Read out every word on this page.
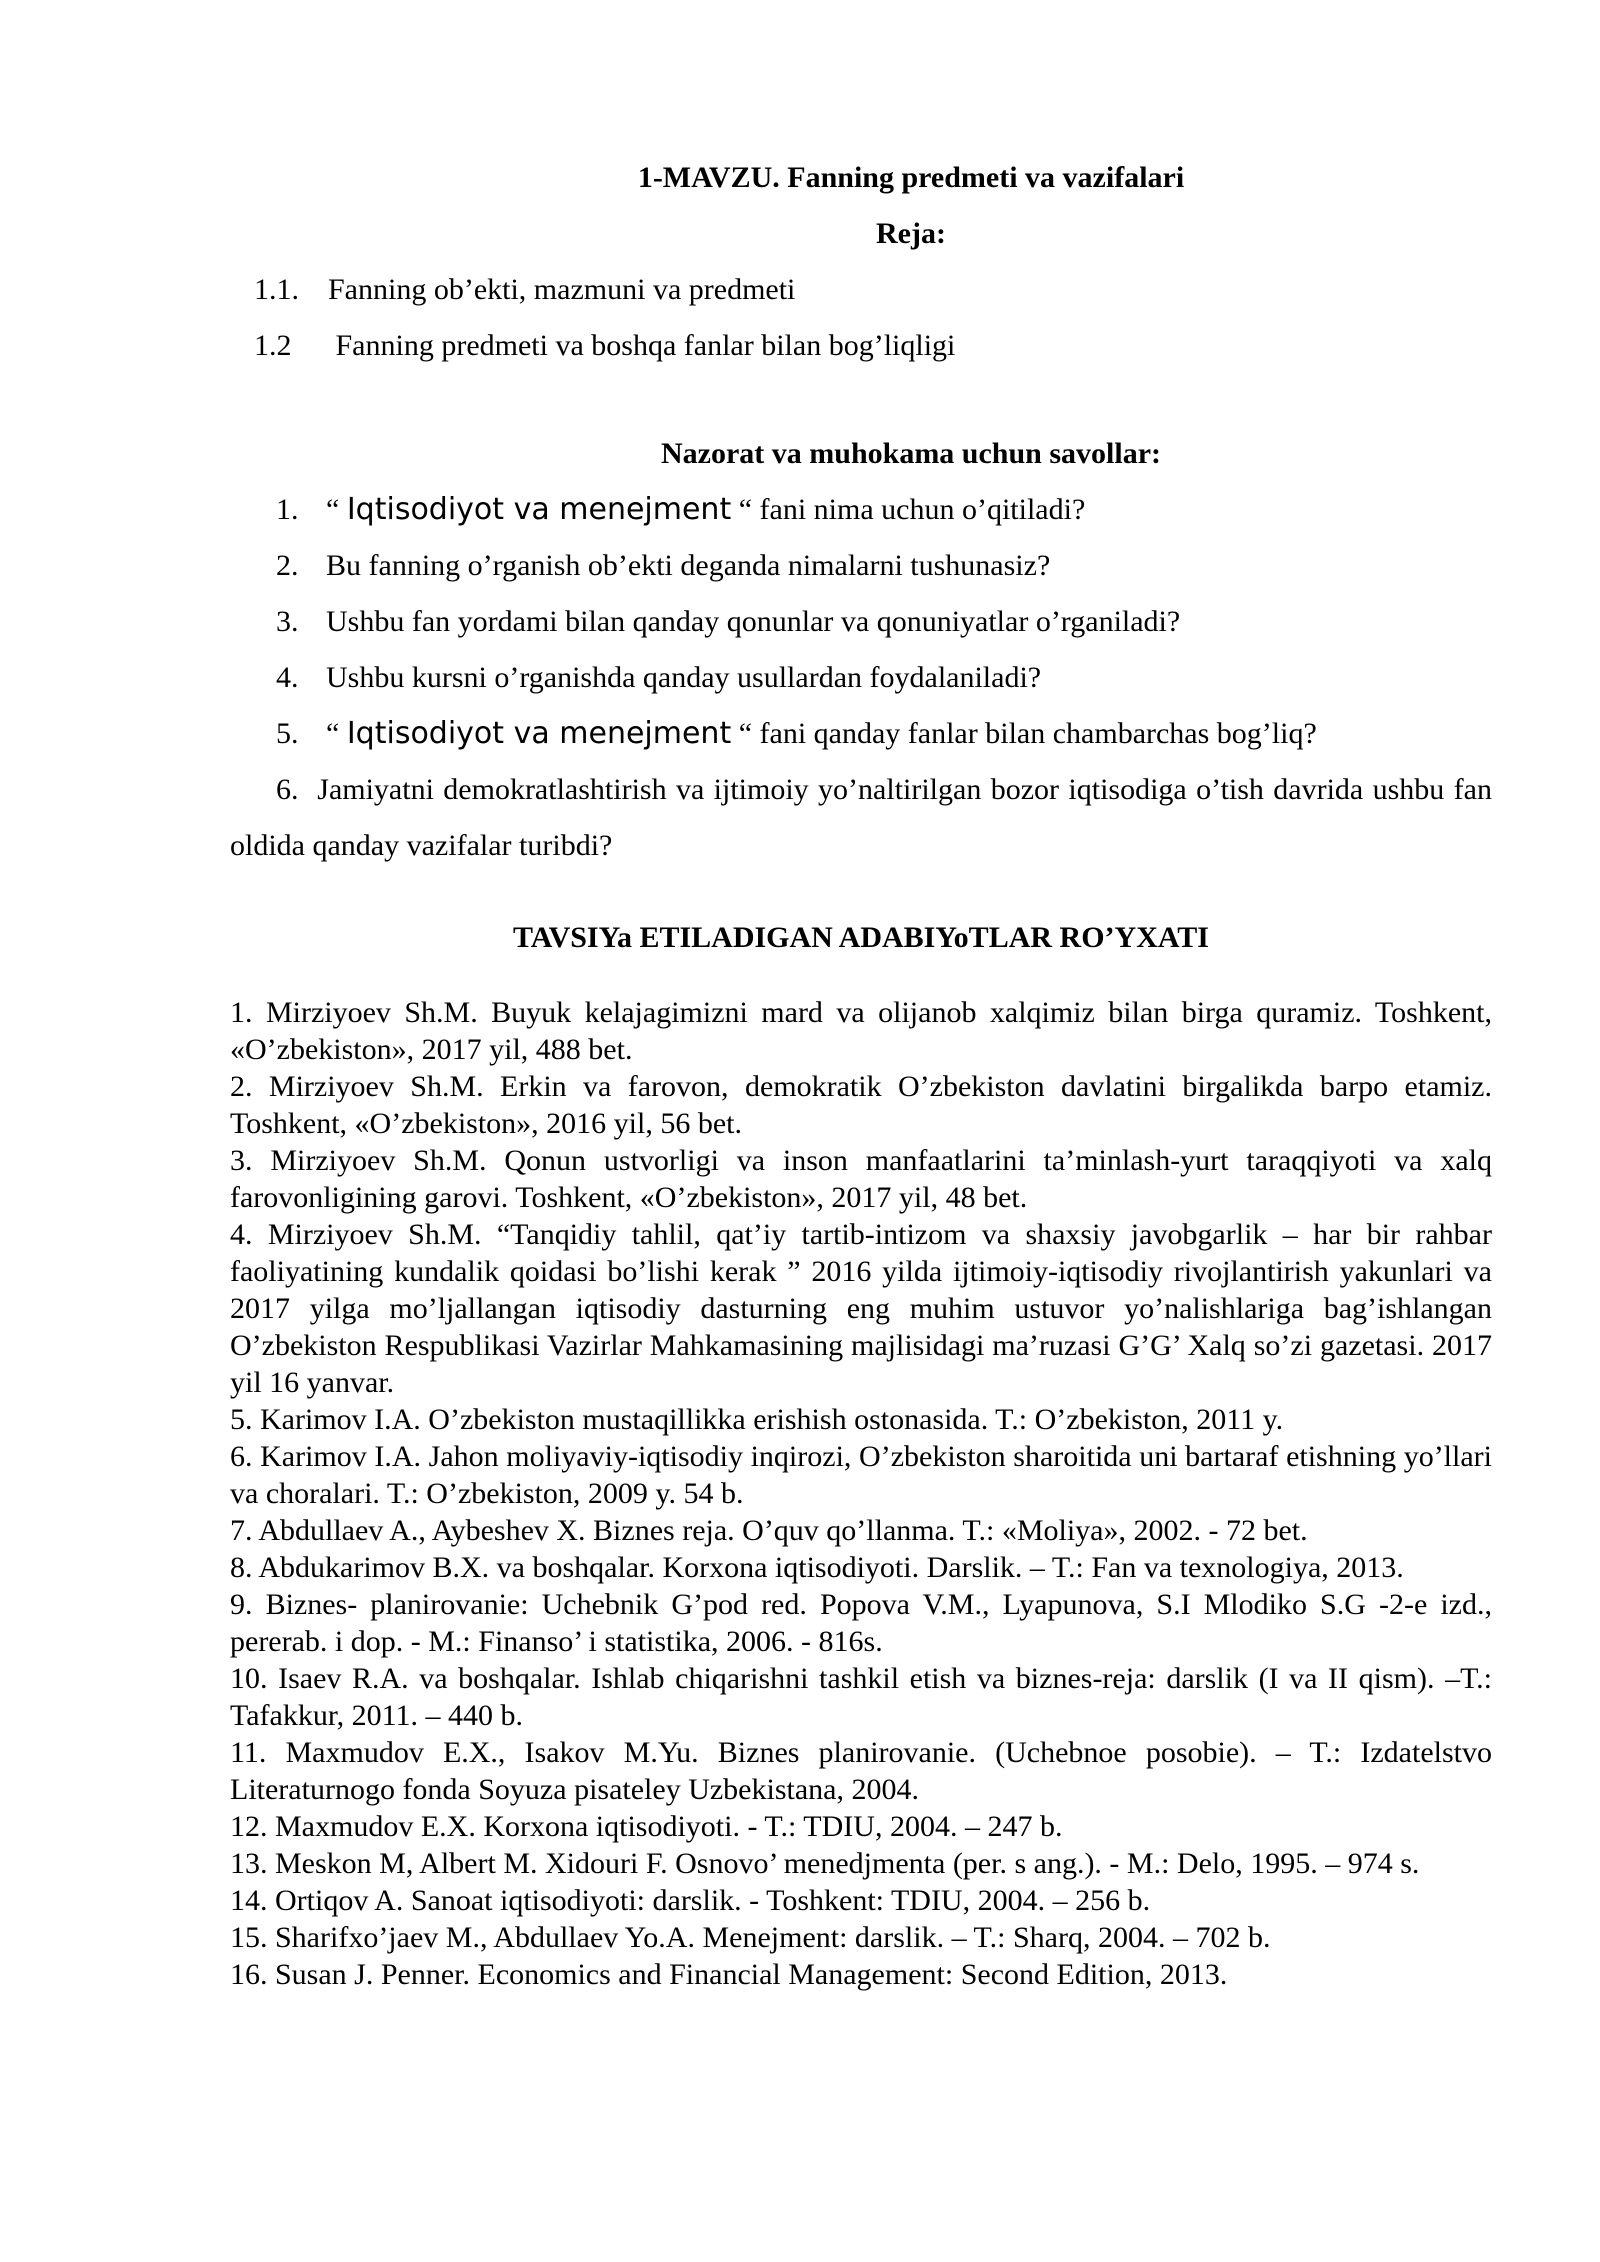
1-MAVZU. Fanning predmeti va vazifalari
Reja:
1.1. Fanning ob’ekti, mazmuni va predmeti
1.2	Fanning predmeti va boshqa fanlar bilan bog’liqligi
Nazorat va muhokama uchun savollar:
1. “ Iqtisodiyot va menejment “ fani nima uchun o’qitiladi?
2. Bu fanning o’rganish ob’ekti deganda nimalarni tushunasiz?
3. Ushbu fan yordami bilan qanday qonunlar va qonuniyatlar o’rganiladi?
4. Ushbu kursni o’rganishda qanday usullardan foydalaniladi?
5. “ Iqtisodiyot va menejment “ fani qanday fanlar bilan chambarchas bog’liq?

6. Jamiyatni demokratlashtirish va ijtimoiy yo’naltirilgan bozor iqtisodiga o’tish davrida ushbu fan oldida qanday vazifalar turibdi?

TAVSIYa ETILADIGAN ADABIYoTLAR RO’YXATI

1. Mirziyoev Sh.M. Buyuk kelajagimizni mard va olijanob xalqimiz bilan birga quramiz. Toshkent, «O’zbekiston», 2017 yil, 488 bet.

2. Mirziyoev Sh.M. Erkin va farovon, demokratik O’zbekiston davlatini birgalikda barpo etamiz. Toshkent, «O’zbekiston», 2016 yil, 56 bet.

3. Mirziyoev Sh.M. Qonun ustvorligi va inson manfaatlarini ta’minlash-yurt taraqqiyoti va xalq farovonligining garovi. Toshkent, «O’zbekiston», 2017 yil, 48 bet.

4. Mirziyoev Sh.M. “Tanqidiy tahlil, qat’iy tartib-intizom va shaxsiy javobgarlik – har bir rahbar faoliyatining kundalik qoidasi bo’lishi kerak ” 2016 yilda ijtimoiy-iqtisodiy rivojlantirish yakunlari va 2017 yilga mo’ljallangan iqtisodiy dasturning eng muhim ustuvor yo’nalishlariga bag’ishlangan O’zbekiston Respublikasi Vazirlar Mahkamasining majlisidagi ma’ruzasi G’G’ Xalq so’zi gazetasi. 2017 yil 16 yanvar.

5. Karimov I.A. O’zbekiston mustaqillikka erishish ostonasida. T.: O’zbekiston, 2011 y.

6. Karimov I.A. Jahon moliyaviy-iqtisodiy inqirozi, O’zbekiston sharoitida uni bartaraf etishning yo’llari va choralari. T.: O’zbekiston, 2009 y. 54 b.

7. Abdullaev A., Aybeshev X. Biznes reja. O’quv qo’llanma. T.: «Moliya», 2002. - 72 bet.

8. Abdukarimov B.X. va boshqalar. Korxona iqtisodiyoti. Darslik. – T.: Fan va texnologiya, 2013.

9. Biznes- planirovanie: Uchebnik G’pod red. Popova V.M., Lyapunova, S.I Mlodiko S.G -2-e izd., pererab. i dop. - M.: Finanso’ i statistika, 2006. - 816s.

10. Isaev R.A. va boshqalar. Ishlab chiqarishni tashkil etish va biznes-reja: darslik (I va II qism). –T.: Tafakkur, 2011. – 440 b.

11. Maxmudov E.X., Isakov M.Yu. Biznes planirovanie. (Uchebnoe posobie). – T.: Izdatelstvo Literaturnogo fonda Soyuza pisateley Uzbekistana, 2004.

12. Maxmudov E.X. Korxona iqtisodiyoti. - T.: TDIU, 2004. – 247 b.

13. Meskon M, Albert M. Xidouri F. Osnovo’ menedjmenta (per. s ang.). - M.: Delo, 1995. – 974 s.

14. Ortiqov A. Sanoat iqtisodiyoti: darslik. - Toshkent: TDIU, 2004. – 256 b.

15. Sharifxo’jaev M., Abdullaev Yo.A. Menejment: darslik. – T.: Sharq, 2004. – 702 b.

16. Susan J. Penner. Economics and Financial Management: Second Edition, 2013.
